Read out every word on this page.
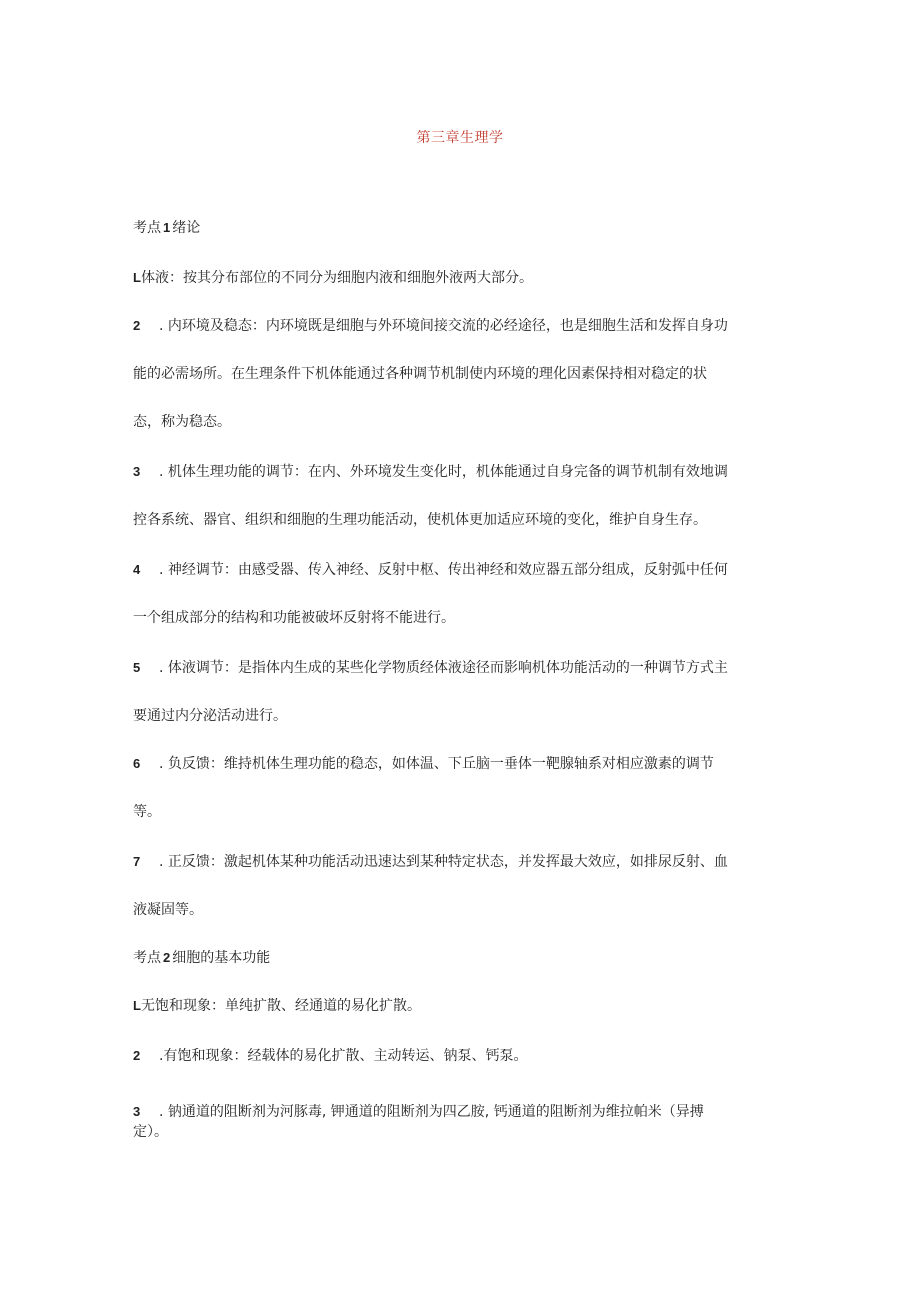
第三章生理学
考点 1 绪论
L体液：按其分布部位的不同分为细胞内液和细胞外液两大部分。
2 . 内环境及稳态：内环境既是细胞与外环境间接交流的必经途径，也是细胞生活和发挥自身功
能的必需场所。在生理条件下机体能通过各种调节机制使内环境的理化因素保持相对稳定的状
态，称为稳态。
3 . 机体生理功能的调节：在内、外环境发生变化时，机体能通过自身完备的调节机制有效地调
控各系统、器官、组织和细胞的生理功能活动，使机体更加适应环境的变化，维护自身生存。
4 . 神经调节：由感受器、传入神经、反射中枢、传出神经和效应器五部分组成，反射弧中任何
一个组成部分的结构和功能被破坏反射将不能进行。
5 . 体液调节：是指体内生成的某些化学物质经体液途径而影响机体功能活动的一种调节方式主
要通过内分泌活动进行。
6 . 负反馈：维持机体生理功能的稳态，如体温、下丘脑一垂体一靶腺轴系对相应激素的调节
等。
7 . 正反馈：激起机体某种功能活动迅速达到某种特定状态，并发挥最大效应，如排尿反射、血
液凝固等。
考点 2 细胞的基本功能
L无饱和现象：单纯扩散、经通道的易化扩散。
2 .有饱和现象：经载体的易化扩散、主动转运、钠泵、钙泵。
3 . 钠通道的阻断剂为河豚毒, 钾通道的阻断剂为四乙胺, 钙通道的阻断剂为维拉帕米（异搏
定）。
